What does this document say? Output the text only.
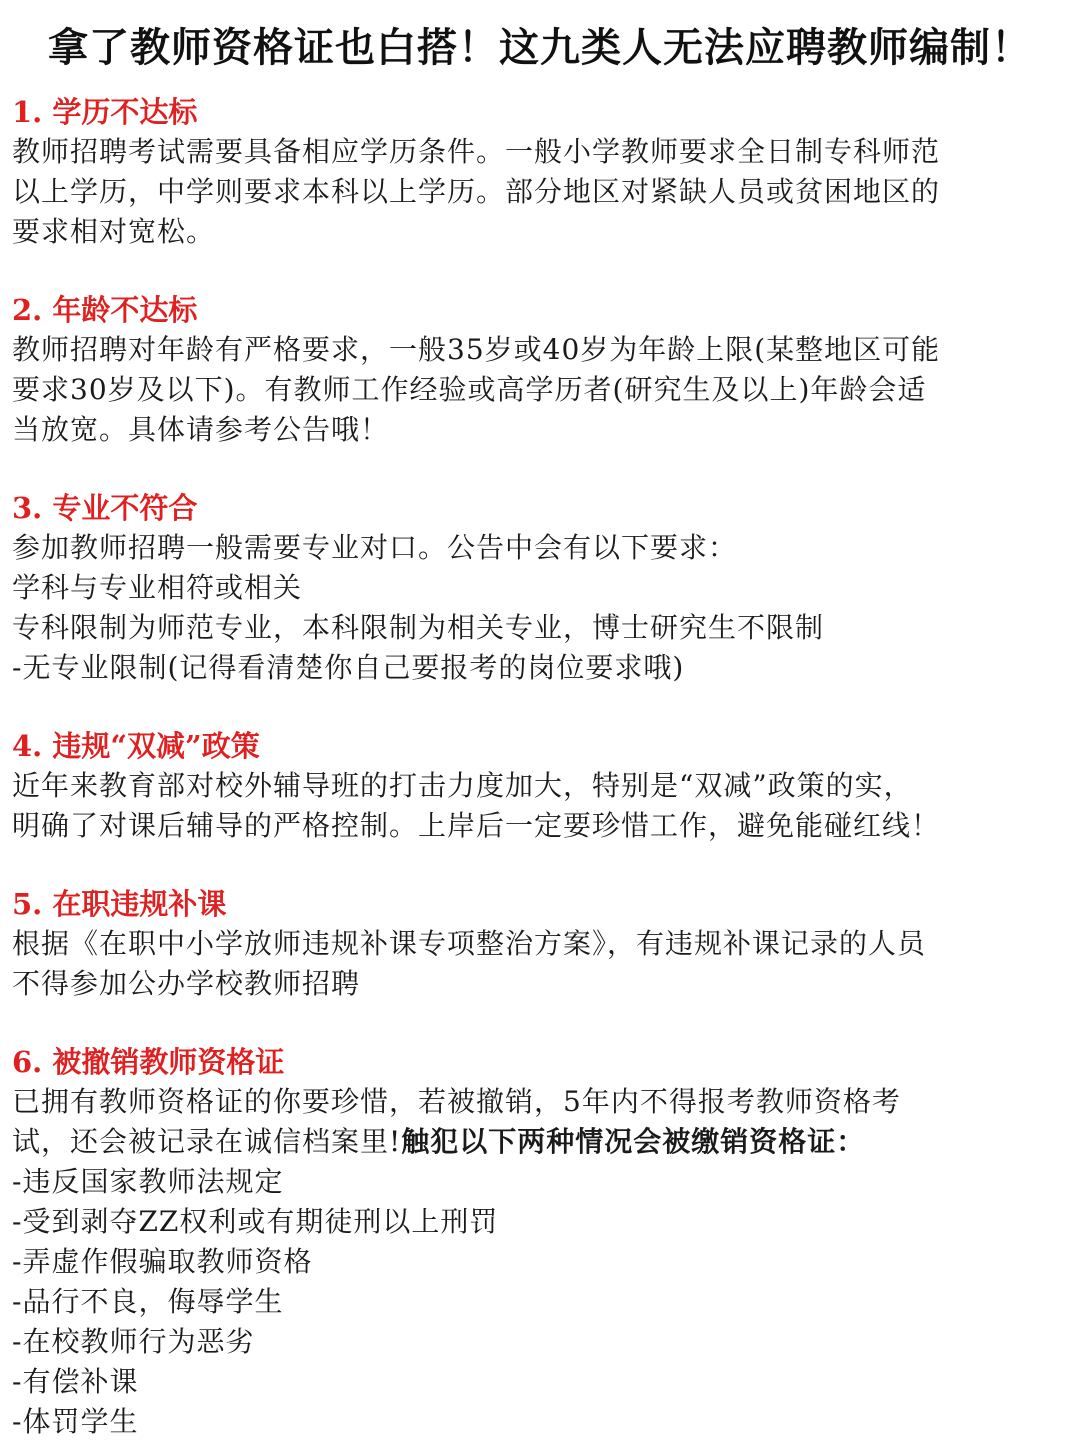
拿了教师资格证也白搭！这九类人无法应聘教师编制！

1. 学历不达标

教师招聘考试需要具备相应学历条件。一般小学教师要求全日制专科师范

以上学历，中学则要求本科以上学历。部分地区对紧缺人员或贫困地区的

要求相对宽松。

2. 年龄不达标

教师招聘对年龄有严格要求，一般35岁或40岁为年龄上限(某整地区可能

要求30岁及以下)。有教师工作经验或高学历者(研究生及以上)年龄会适

当放宽。具体请参考公告哦！

3. 专业不符合

参加教师招聘一般需要专业对口。公告中会有以下要求：

学科与专业相符或相关

专科限制为师范专业，本科限制为相关专业，博士研究生不限制

-无专业限制(记得看清楚你自己要报考的岗位要求哦)

4. 违规“双减”政策

近年来教育部对校外辅导班的打击力度加大，特别是“双减”政策的实，

明确了对课后辅导的严格控制。上岸后一定要珍惜工作，避免能碰红线！

5. 在职违规补课

根据《在职中小学放师违规补课专项整治方案》，有违规补课记录的人员

不得参加公办学校教师招聘

6. 被撤销教师资格证

已拥有教师资格证的你要珍惜，若被撤销，5年内不得报考教师资格考

试，还会被记录在诚信档案里!触犯以下两种情况会被缴销资格证：

-违反国家教师法规定

-受到剥夺ZZ权利或有期徒刑以上刑罚

-弄虚作假骗取教师资格

-品行不良，侮辱学生

-在校教师行为恶劣

-有偿补课

-体罚学生
